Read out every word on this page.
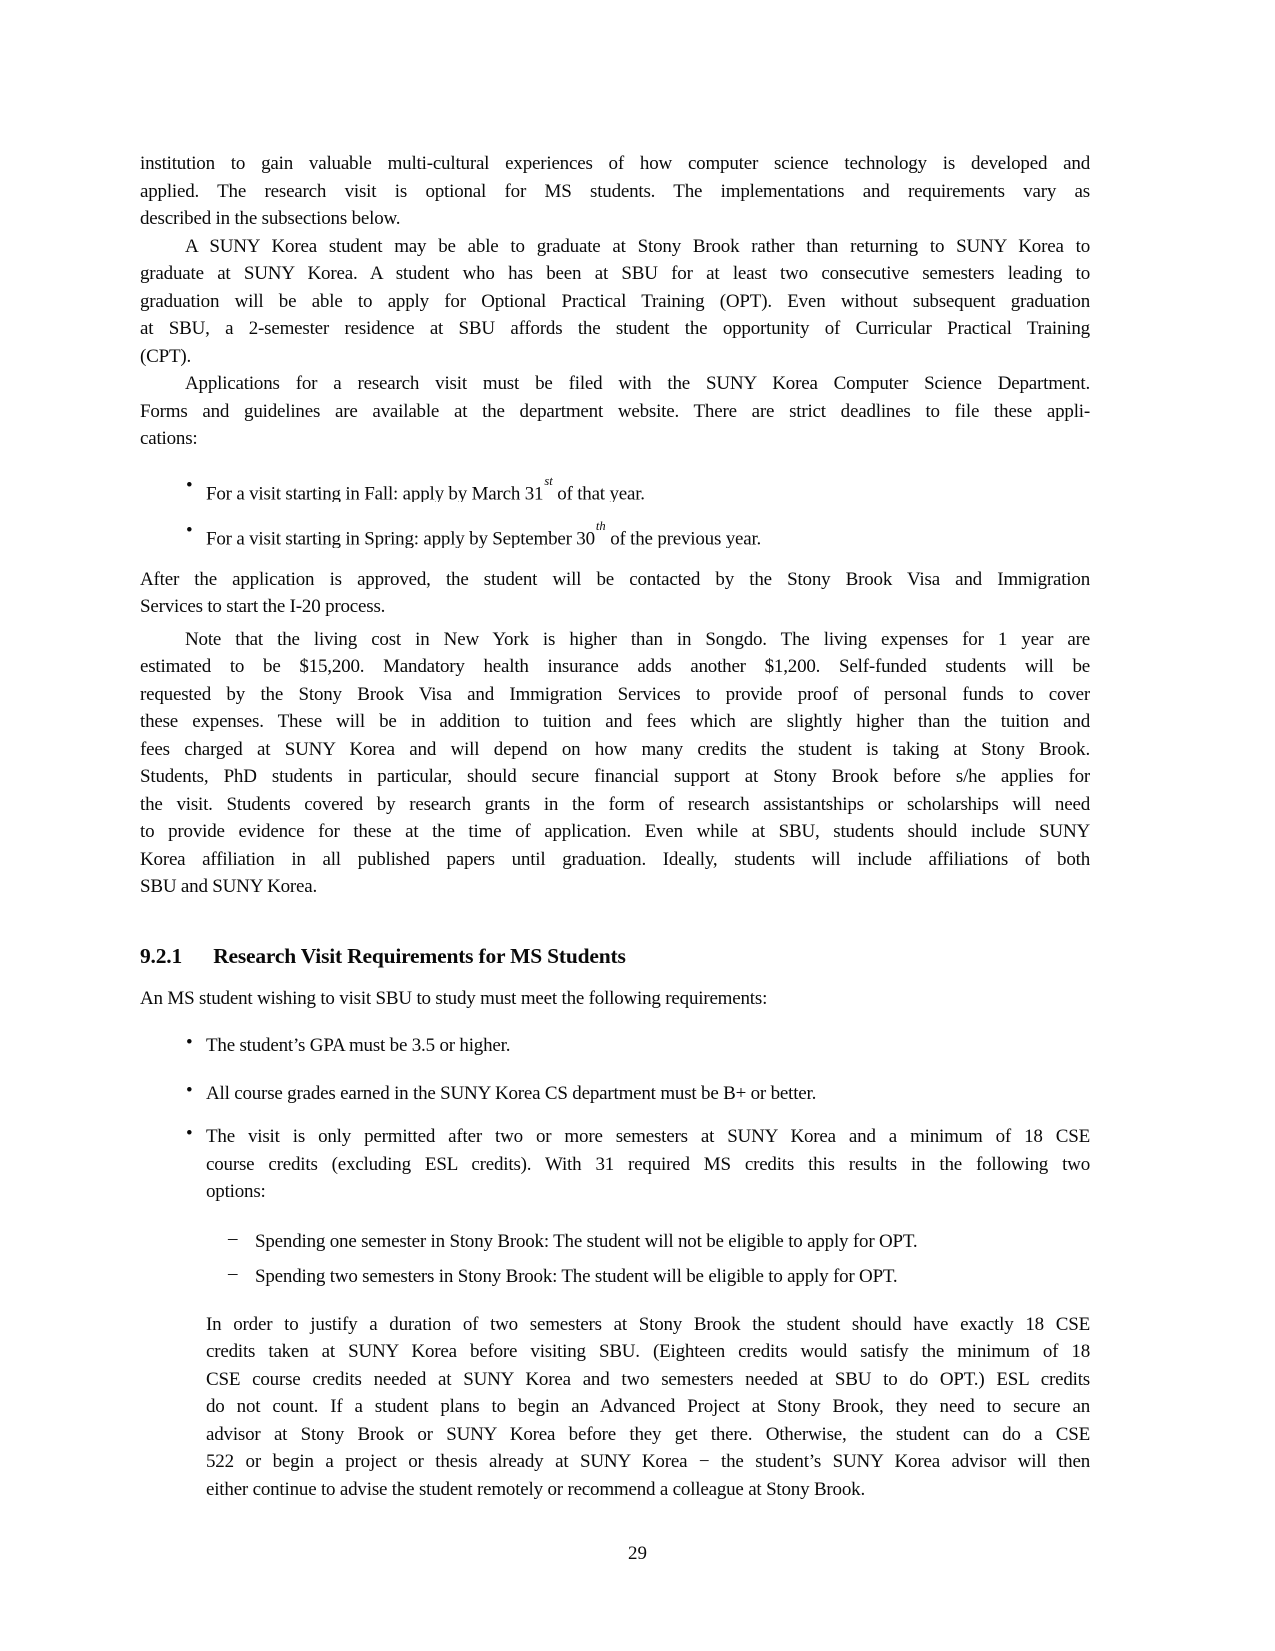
institution to gain valuable multi-cultural experiences of how computer science technology is developed and
applied. The research visit is optional for MS students. The implementations and requirements vary as
described in the subsections below.
A SUNY Korea student may be able to graduate at Stony Brook rather than returning to SUNY Korea to
graduate at SUNY Korea. A student who has been at SBU for at least two consecutive semesters leading to
graduation will be able to apply for Optional Practical Training (OPT). Even without subsequent graduation
at SBU, a 2-semester residence at SBU affords the student the opportunity of Curricular Practical Training
(CPT).
Applications for a research visit must be filed with the SUNY Korea Computer Science Department.
Forms and guidelines are available at the department website. There are strict deadlines to file these appli-
cations:
• For a visit starting in Fall: apply by March 31st of that year.
• For a visit starting in Spring: apply by September 30th of the previous year.
After the application is approved, the student will be contacted by the Stony Brook Visa and Immigration
Services to start the I-20 process.
Note that the living cost in New York is higher than in Songdo. The living expenses for 1 year are
estimated to be $15,200. Mandatory health insurance adds another $1,200. Self-funded students will be
requested by the Stony Brook Visa and Immigration Services to provide proof of personal funds to cover
these expenses. These will be in addition to tuition and fees which are slightly higher than the tuition and
fees charged at SUNY Korea and will depend on how many credits the student is taking at Stony Brook.
Students, PhD students in particular, should secure financial support at Stony Brook before s/he applies for
the visit. Students covered by research grants in the form of research assistantships or scholarships will need
to provide evidence for these at the time of application. Even while at SBU, students should include SUNY
Korea affiliation in all published papers until graduation. Ideally, students will include affiliations of both
SBU and SUNY Korea.
9.2.1 Research Visit Requirements for MS Students
An MS student wishing to visit SBU to study must meet the following requirements:
• The student’s GPA must be 3.5 or higher.
• All course grades earned in the SUNY Korea CS department must be B+ or better.
• The visit is only permitted after two or more semesters at SUNY Korea and a minimum of 18 CSE
course credits (excluding ESL credits). With 31 required MS credits this results in the following two
options:
– Spending one semester in Stony Brook: The student will not be eligible to apply for OPT.
– Spending two semesters in Stony Brook: The student will be eligible to apply for OPT.
In order to justify a duration of two semesters at Stony Brook the student should have exactly 18 CSE
credits taken at SUNY Korea before visiting SBU. (Eighteen credits would satisfy the minimum of 18
CSE course credits needed at SUNY Korea and two semesters needed at SBU to do OPT.) ESL credits
do not count. If a student plans to begin an Advanced Project at Stony Brook, they need to secure an
advisor at Stony Brook or SUNY Korea before they get there. Otherwise, the student can do a CSE
522 or begin a project or thesis already at SUNY Korea − the student’s SUNY Korea advisor will then
either continue to advise the student remotely or recommend a colleague at Stony Brook.
29
